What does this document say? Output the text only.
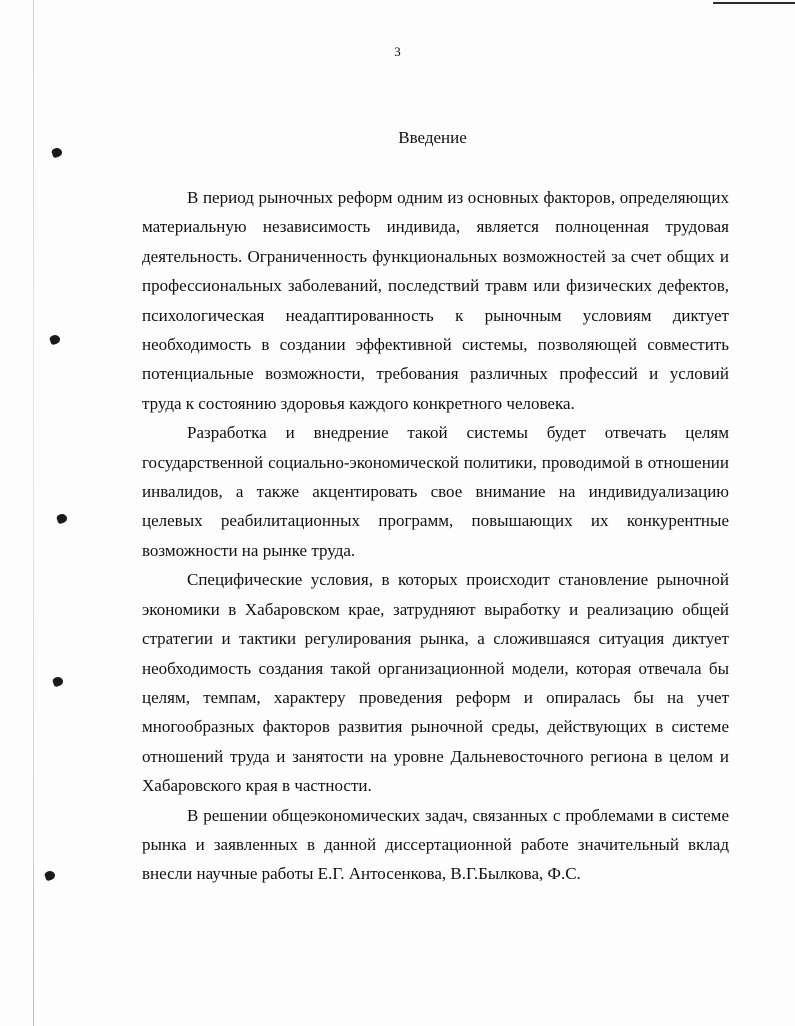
3
Введение

В период рыночных реформ одним из основных факторов, определяющих материальную независимость индивида, является полноценная трудовая деятельность. Ограниченность функциональных возможностей за счет общих и профессиональных заболеваний, последствий травм или физических дефектов, психологическая неадаптированность к рыночным условиям диктует необходимость в создании эффективной системы, позволяющей совместить потенциальные возможности, требования различных профессий и условий труда к состоянию здоровья каждого конкретного человека.

Разработка и внедрение такой системы будет отвечать целям государственной социально-экономической политики, проводимой в отношении инвалидов, а также акцентировать свое внимание на индивидуализацию целевых реабилитационных программ, повышающих их конкурентные возможности на рынке труда.

Специфические условия, в которых происходит становление рыночной экономики в Хабаровском крае, затрудняют выработку и реализацию общей стратегии и тактики регулирования рынка, а сложившаяся ситуация диктует необходимость создания такой организационной модели, которая отвечала бы целям, темпам, характеру проведения реформ и опиралась бы на учет многообразных факторов развития рыночной среды, действующих в системе отношений труда и занятости на уровне Дальневосточного региона в целом и Хабаровского края в частности.

В решении общеэкономических задач, связанных с проблемами в системе рынка и заявленных в данной диссертационной работе значительный вклад внесли научные работы Е.Г. Антосенкова, В.Г.Былкова, Ф.С.
